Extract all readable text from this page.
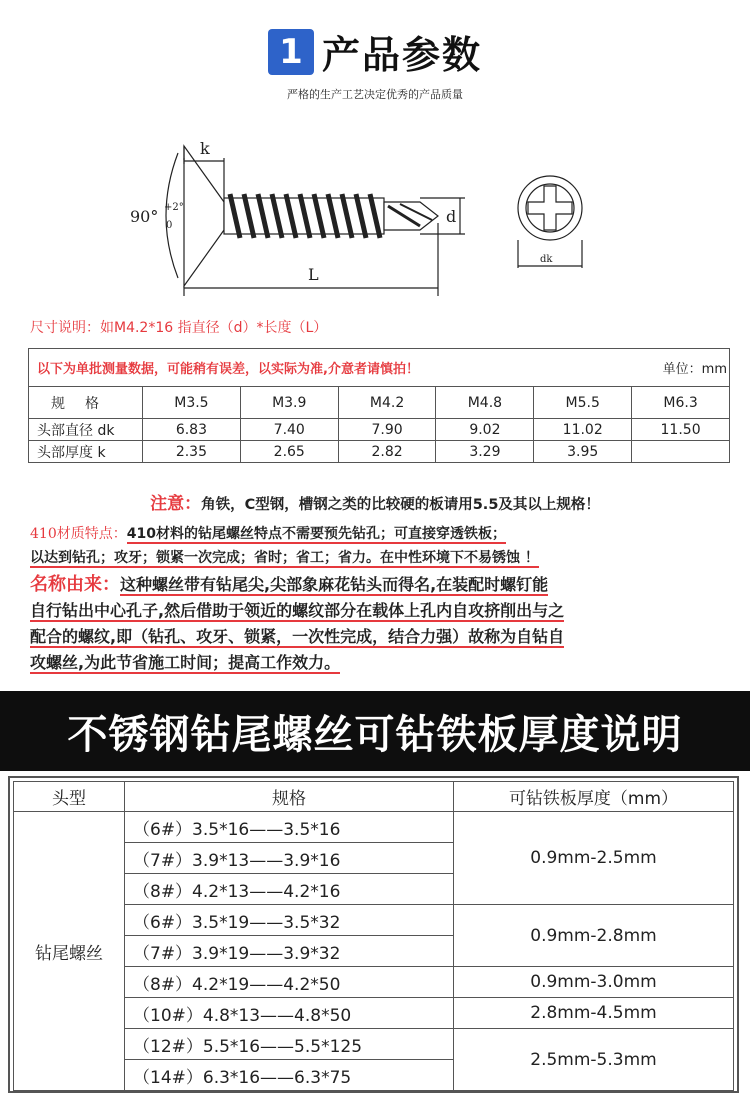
1 产品参数
严格的生产工艺决定优秀的产品质量
k
90° +2°
0	d
L
dk
尺寸说明：如M4.2*16 指直径（d）*长度（L）
以下为单批测量数据，可能稍有误差，以实际为准,介意者请慎拍！	单位：mm
规格	M3.5	M3.9	M4.2	M4.8	M5.5	M6.3
头部直径 dk	6.83	7.40	7.90	9.02	11.02	11.50
头部厚度 k	2.35	2.65	2.82	3.29	3.95	
注意：角铁，C型钢，槽钢之类的比较硬的板请用5.5及其以上规格！
410材质特点：410材料的钻尾螺丝特点不需要预先钻孔；可直接穿透铁板；
以达到钻孔；攻牙；锁紧一次完成；省时；省工；省力。在中性环境下不易锈蚀 ！
名称由来：这种螺丝带有钻尾尖,尖部象麻花钻头而得名,在装配时螺钉能
自行钻出中心孔子,然后借助于领近的螺纹部分在载体上孔内自攻挤削出与之
配合的螺纹,即（钻孔、攻牙、锁紧，一次性完成，结合力强）故称为自钻自
攻螺丝,为此节省施工时间；提高工作效力。
不锈钢钻尾螺丝可钻铁板厚度说明
头型	规格	可钻铁板厚度（mm）
钻尾螺丝	（6#）3.5*16——3.5*16	0.9mm-2.5mm
	（7#）3.9*13——3.9*16	
	（8#）4.2*13——4.2*16	
	（6#）3.5*19——3.5*32	0.9mm-2.8mm
	（7#）3.9*19——3.9*32	
	（8#）4.2*19——4.2*50	0.9mm-3.0mm
	（10#）4.8*13——4.8*50	2.8mm-4.5mm
	（12#）5.5*16——5.5*125	2.5mm-5.3mm
	（14#）6.3*16——6.3*75	
